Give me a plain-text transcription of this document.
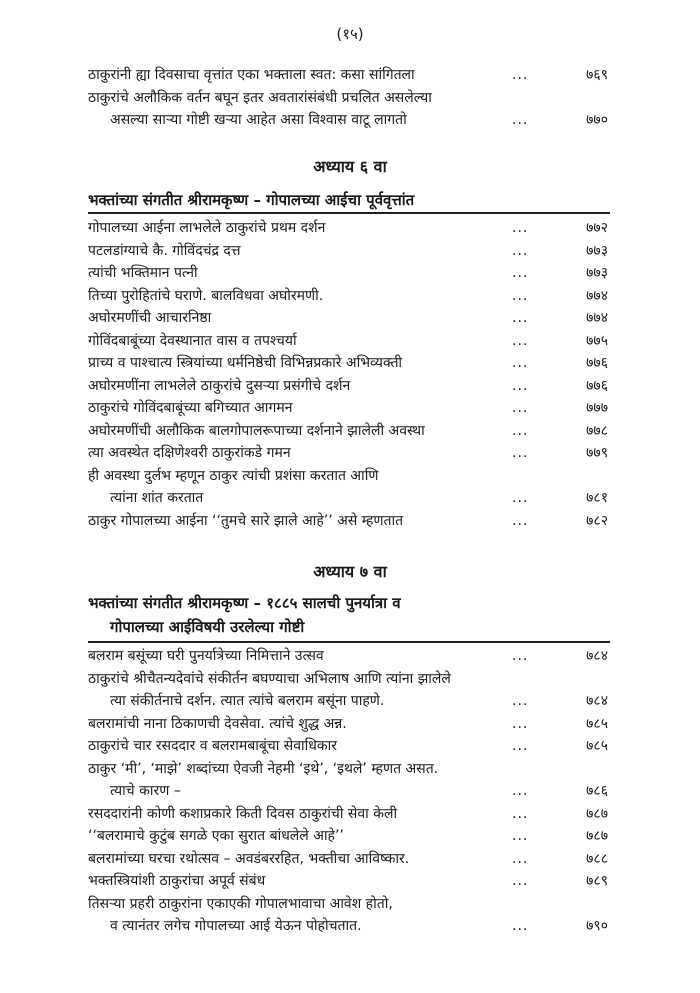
(१५)
ठाकुरांनी ह्या दिवसाचा वृत्तांत एका भक्ताला स्वत: कसा सांगितला	...	७६९
ठाकुरांचे अलौकिक वर्तन बघून इतर अवतारांसंबंधी प्रचलित असलेल्या
असल्या साऱ्या गोष्टी खऱ्या आहेत असा विश्वास वाटू लागतो	...	७७०
अध्याय ६ वा
भक्तांच्या संगतीत श्रीरामकृष्ण – गोपालच्या आईचा पूर्ववृत्तांत
गोपालच्या आईना लाभलेले ठाकुरांचे प्रथम दर्शन	...	७७२
पटलडांग्याचे कै. गोविंदचंद्र दत्त	...	७७३
त्यांची भक्तिमान पत्नी	...	७७३
तिच्या पुरोहितांचे घराणे. बालविधवा अघोरमणी.	...	७७४
अघोरमणींची आचारनिष्ठा	...	७७४
गोविंदबाबूंच्या देवस्थानात वास व तपश्चर्या	...	७७५
प्राच्य व पाश्चात्य स्त्रियांच्या धर्मनिष्ठेची विभिन्नप्रकारे अभिव्यक्ती	...	७७६
अघोरमणींना लाभलेले ठाकुरांचे दुसऱ्या प्रसंगीचे दर्शन	...	७७६
ठाकुरांचे गोविंदबाबूंच्या बगिच्यात आगमन	...	७७७
अघोरमणींची अलौकिक बालगोपालरूपाच्या दर्शनाने झालेली अवस्था	...	७७८
त्या अवस्थेत दक्षिणेश्वरी ठाकुरांकडे गमन	...	७७९
ही अवस्था दुर्लभ म्हणून ठाकुर त्यांची प्रशंसा करतात आणि
त्यांना शांत करतात	...	७८१
ठाकुर गोपालच्या आईना ‘‘तुमचे सारे झाले आहे’’ असे म्हणतात	...	७८२
अध्याय ७ वा
भक्तांच्या संगतीत श्रीरामकृष्ण – १८८५ सालची पुनर्यात्रा व
गोपालच्या आईविषयी उरलेल्या गोष्टी
बलराम बसूंच्या घरी पुनर्यात्रेच्या निमित्ताने उत्सव	...	७८४
ठाकुरांचे श्रीचैतन्यदेवांचे संकीर्तन बघण्याचा अभिलाष आणि त्यांना झालेले
त्या संकीर्तनाचे दर्शन. त्यात त्यांचे बलराम बसूंना पाहणे.	...	७८४
बलरामांची नाना ठिकाणची देवसेवा. त्यांचे शुद्ध अन्न.	...	७८५
ठाकुरांचे चार रसददार व बलरामबाबूंचा सेवाधिकार	...	७८५
ठाकुर ‘मी’, ‘माझे’ शब्दांच्या ऐवजी नेहमी ‘इथे’, ‘इथले’ म्हणत असत.
त्याचे कारण –	...	७८६
रसददारांनी कोणी कशाप्रकारे किती दिवस ठाकुरांची सेवा केली	...	७८७
‘‘बलरामाचे कुटुंब सगळे एका सुरात बांधलेले आहे’’	...	७८७
बलरामांच्या घरचा रथोत्सव – अवडंबररहित, भक्तीचा आविष्कार.	...	७८८
भक्तस्त्रियांशी ठाकुरांचा अपूर्व संबंध	...	७८९
तिसऱ्या प्रहरी ठाकुरांना एकाएकी गोपालभावाचा आवेश होतो,
व त्यानंतर लगेच गोपालच्या आई येऊन पोहोचतात.	...	७९०
